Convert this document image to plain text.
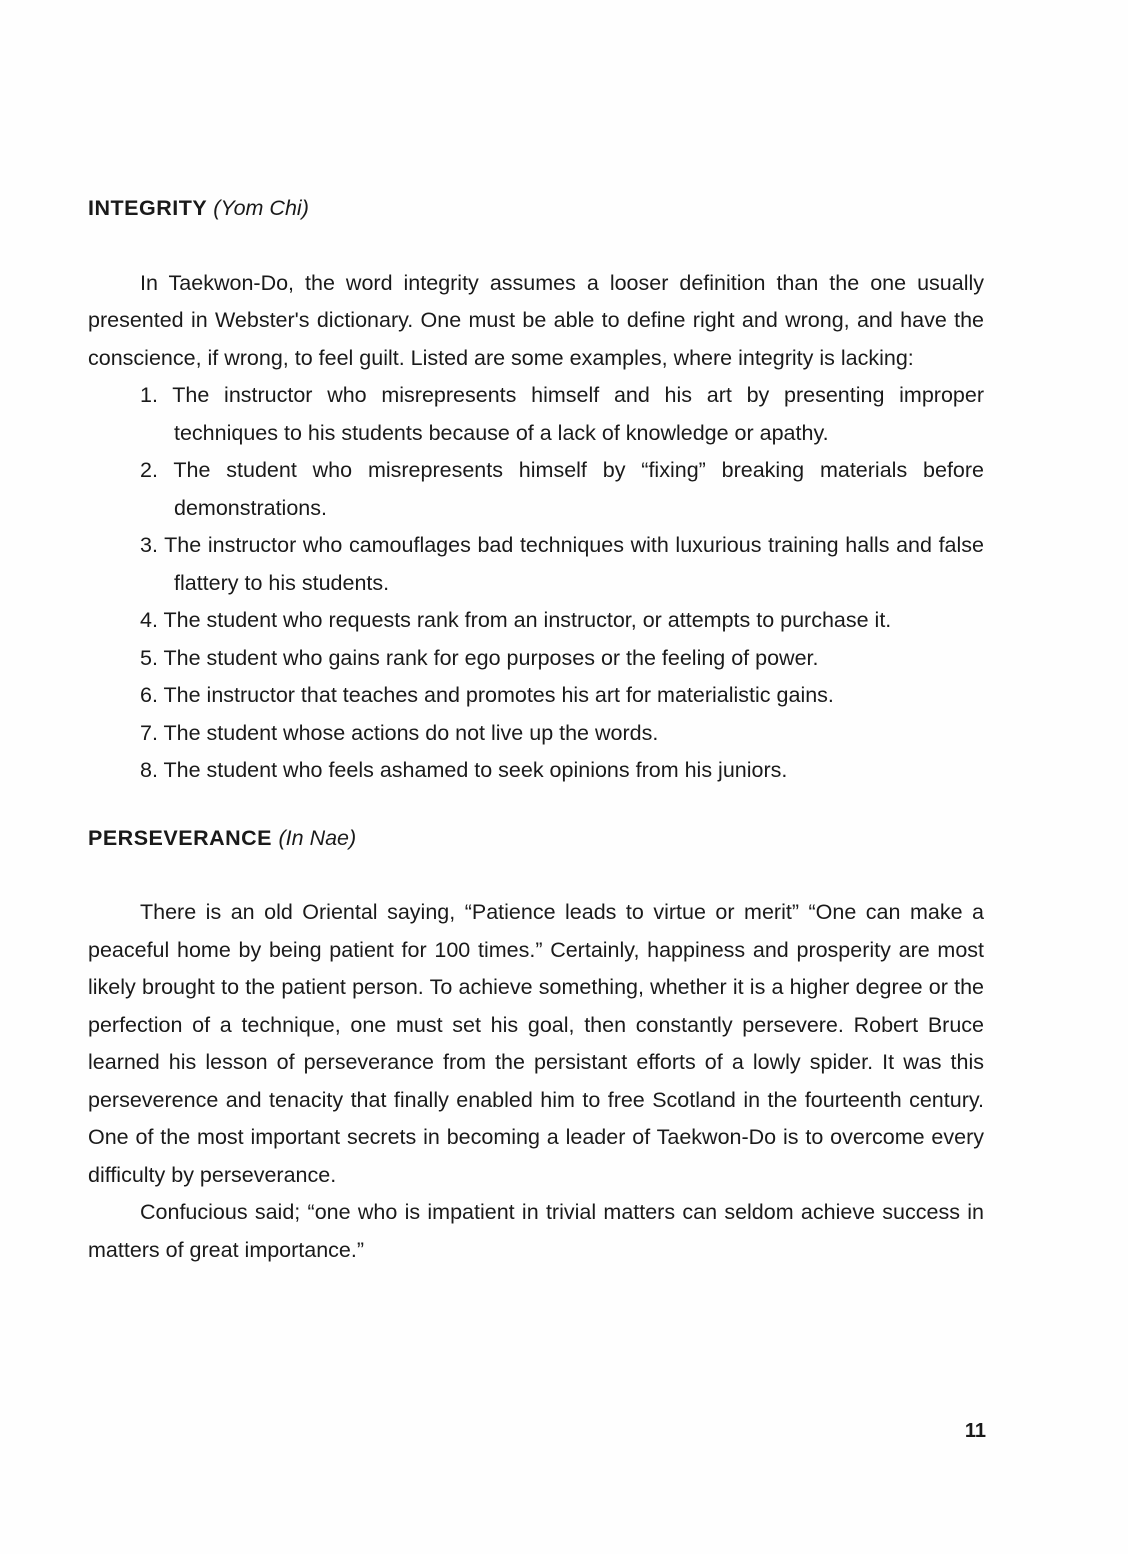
INTEGRITY (Yom Chi)

In Taekwon-Do, the word integrity assumes a looser definition than the one usually presented in Webster's dictionary. One must be able to define right and wrong, and have the conscience, if wrong, to feel guilt. Listed are some examples, where integrity is lacking:

1. The instructor who misrepresents himself and his art by presenting improper techniques to his students because of a lack of knowledge or apathy.
2. The student who misrepresents himself by “fixing” breaking materials before demonstrations.
3. The instructor who camouflages bad techniques with luxurious training halls and false flattery to his students.
4. The student who requests rank from an instructor, or attempts to purchase it.
5. The student who gains rank for ego purposes or the feeling of power.
6. The instructor that teaches and promotes his art for materialistic gains.
7. The student whose actions do not live up the words.
8. The student who feels ashamed to seek opinions from his juniors.
PERSEVERANCE (In Nae)

There is an old Oriental saying, “Patience leads to virtue or merit” “One can make a peaceful home by being patient for 100 times.” Certainly, happiness and prosperity are most likely brought to the patient person. To achieve something, whether it is a higher degree or the perfection of a technique, one must set his goal, then constantly persevere. Robert Bruce learned his lesson of perseverance from the persistant efforts of a lowly spider. It was this perseverence and tenacity that finally enabled him to free Scotland in the fourteenth century. One of the most important secrets in becoming a leader of Taekwon-Do is to overcome every difficulty by perseverance.

Confucious said; “one who is impatient in trivial matters can seldom achieve success in matters of great importance.”

11
